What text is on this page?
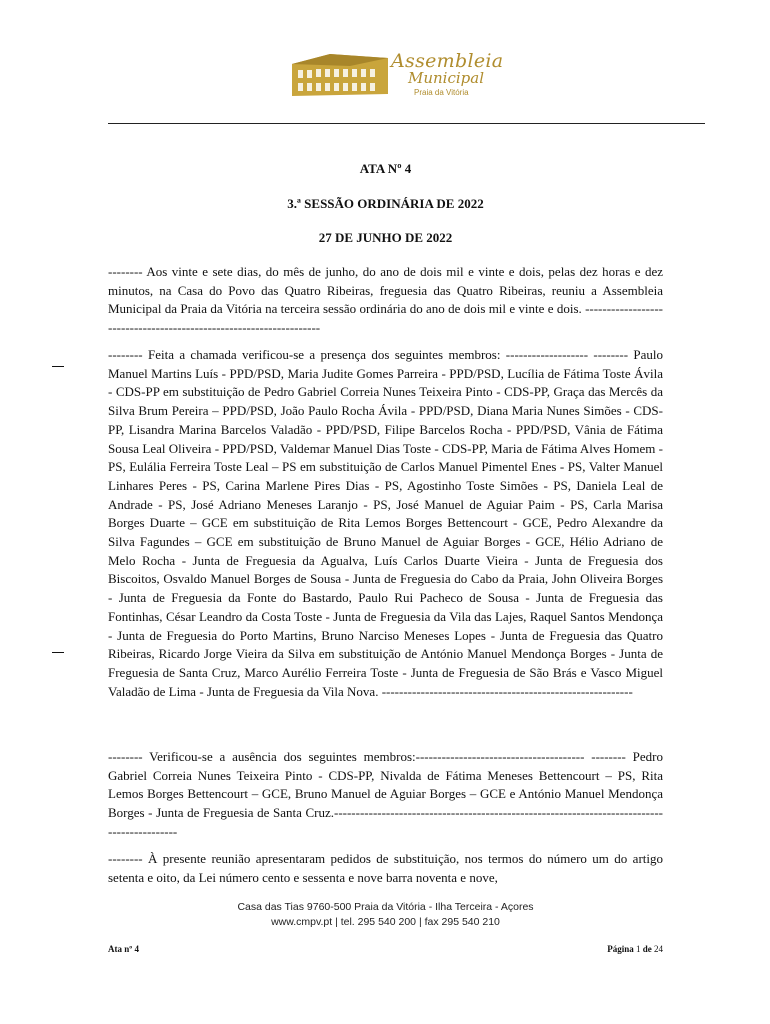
Assembleia
Municipal
Praia da Vitória
ATA Nº 4
3.ª SESSÃO ORDINÁRIA DE 2022
27 DE JUNHO DE 2022

-------- Aos vinte e sete dias, do mês de junho, do ano de dois mil e vinte e dois, pelas dez horas e dez minutos, na Casa do Povo das Quatro Ribeiras, freguesia das Quatro Ribeiras, reuniu a Assembleia Municipal da Praia da Vitória na terceira sessão ordinária do ano de dois mil e vinte e dois. -------------------------------------------------------------------

-------- Feita a chamada verificou-se a presença dos seguintes membros: ------------------- -------- Paulo Manuel Martins Luís - PPD/PSD, Maria Judite Gomes Parreira - PPD/PSD, Lucília de Fátima Toste Ávila - CDS-PP em substituição de Pedro Gabriel Correia Nunes Teixeira Pinto - CDS-PP, Graça das Mercês da Silva Brum Pereira – PPD/PSD, João Paulo Rocha Ávila - PPD/PSD, Diana Maria Nunes Simões - CDS-PP, Lisandra Marina Barcelos Valadão - PPD/PSD, Filipe Barcelos Rocha - PPD/PSD, Vânia de Fátima Sousa Leal Oliveira - PPD/PSD, Valdemar Manuel Dias Toste - CDS-PP, Maria de Fátima Alves Homem - PS, Eulália Ferreira Toste Leal – PS em substituição de Carlos Manuel Pimentel Enes - PS, Valter Manuel Linhares Peres - PS, Carina Marlene Pires Dias - PS, Agostinho Toste Simões - PS, Daniela Leal de Andrade - PS, José Adriano Meneses Laranjo - PS, José Manuel de Aguiar Paim - PS, Carla Marisa Borges Duarte – GCE em substituição de Rita Lemos Borges Bettencourt - GCE, Pedro Alexandre da Silva Fagundes – GCE em substituição de Bruno Manuel de Aguiar Borges - GCE, Hélio Adriano de Melo Rocha - Junta de Freguesia da Agualva, Luís Carlos Duarte Vieira - Junta de Freguesia dos Biscoitos, Osvaldo Manuel Borges de Sousa - Junta de Freguesia do Cabo da Praia, John Oliveira Borges - Junta de Freguesia da Fonte do Bastardo, Paulo Rui Pacheco de Sousa - Junta de Freguesia das Fontinhas, César Leandro da Costa Toste - Junta de Freguesia da Vila das Lajes, Raquel Santos Mendonça - Junta de Freguesia do Porto Martins, Bruno Narciso Meneses Lopes - Junta de Freguesia das Quatro Ribeiras, Ricardo Jorge Vieira da Silva em substituição de António Manuel Mendonça Borges - Junta de Freguesia de Santa Cruz, Marco Aurélio Ferreira Toste - Junta de Freguesia de São Brás e Vasco Miguel Valadão de Lima - Junta de Freguesia da Vila Nova. ----------------------------------------------------------

-------- Verificou-se a ausência dos seguintes membros:--------------------------------------- -------- Pedro Gabriel Correia Nunes Teixeira Pinto - CDS-PP, Nivalda de Fátima Meneses Bettencourt – PS, Rita Lemos Borges Bettencourt – GCE, Bruno Manuel de Aguiar Borges – GCE e António Manuel Mendonça Borges - Junta de Freguesia de Santa Cruz.--------------------------------------------------------------------------------------------

-------- À presente reunião apresentaram pedidos de substituição, nos termos do número um do artigo setenta e oito, da Lei número cento e sessenta e nove barra noventa e nove,

Casa das Tias 9760-500 Praia da Vitória - Ilha Terceira - Açores
www.cmpv.pt | tel. 295 540 200 | fax 295 540 210
Ata nº 4	Página 1 de 24
